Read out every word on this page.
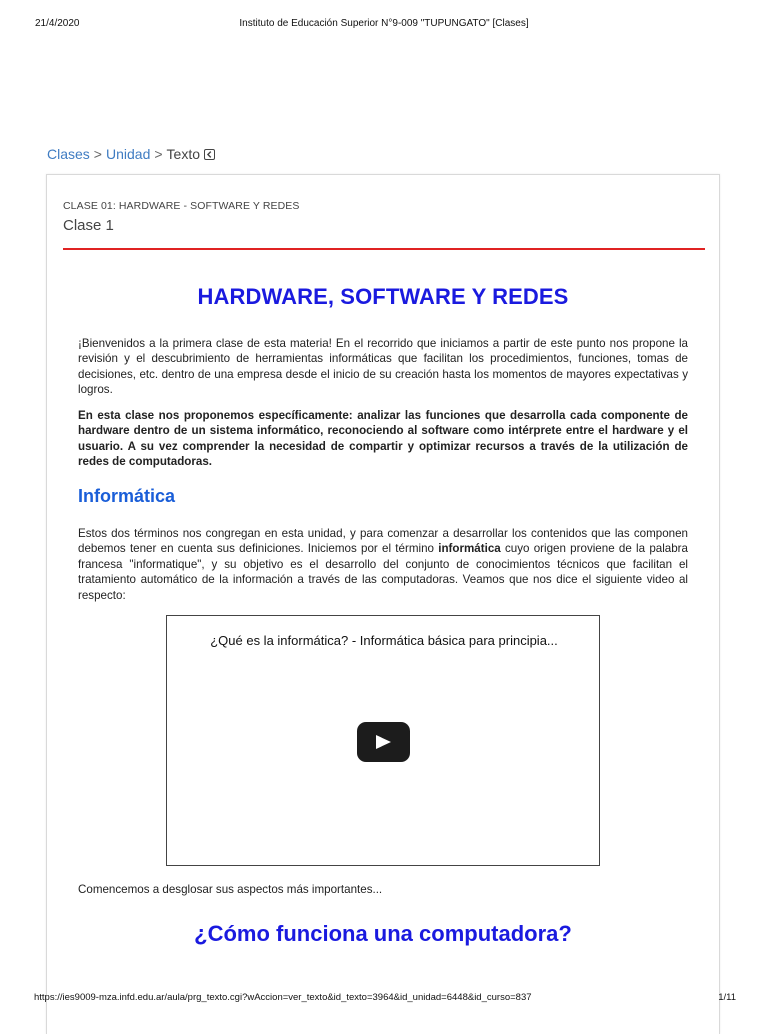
21/4/2020	Instituto de Educación Superior N°9-009 "TUPUNGATO" [Clases]
Clases > Unidad > Texto
CLASE 01: HARDWARE - SOFTWARE Y REDES
Clase 1
HARDWARE, SOFTWARE Y REDES
¡Bienvenidos a la primera clase de esta materia! En el recorrido que iniciamos a partir de este punto nos propone la revisión y el descubrimiento de herramientas informáticas que facilitan los procedimientos, funciones, tomas de decisiones, etc. dentro de una empresa desde el inicio de su creación hasta los momentos de mayores expectativas y logros.
En esta clase nos proponemos específicamente: analizar las funciones que desarrolla cada componente de hardware dentro de un sistema informático, reconociendo al software como intérprete entre el hardware y el usuario. A su vez comprender la necesidad de compartir y optimizar recursos a través de la utilización de redes de computadoras.
Informática
Estos dos términos nos congregan en esta unidad, y para comenzar a desarrollar los contenidos que las componen debemos tener en cuenta sus definiciones. Iniciemos por el término informática cuyo origen proviene de la palabra francesa "informatique", y su objetivo es el desarrollo del conjunto de conocimientos técnicos que facilitan el tratamiento automático de la información a través de las computadoras. Veamos que nos dice el siguiente video al respecto:
¿Qué es la informática? - Informática básica para principia...
Comencemos a desglosar sus aspectos más importantes...
¿Cómo funciona una computadora?
https://ies9009-mza.infd.edu.ar/aula/prg_texto.cgi?wAccion=ver_texto&id_texto=3964&id_unidad=6448&id_curso=837	1/11
